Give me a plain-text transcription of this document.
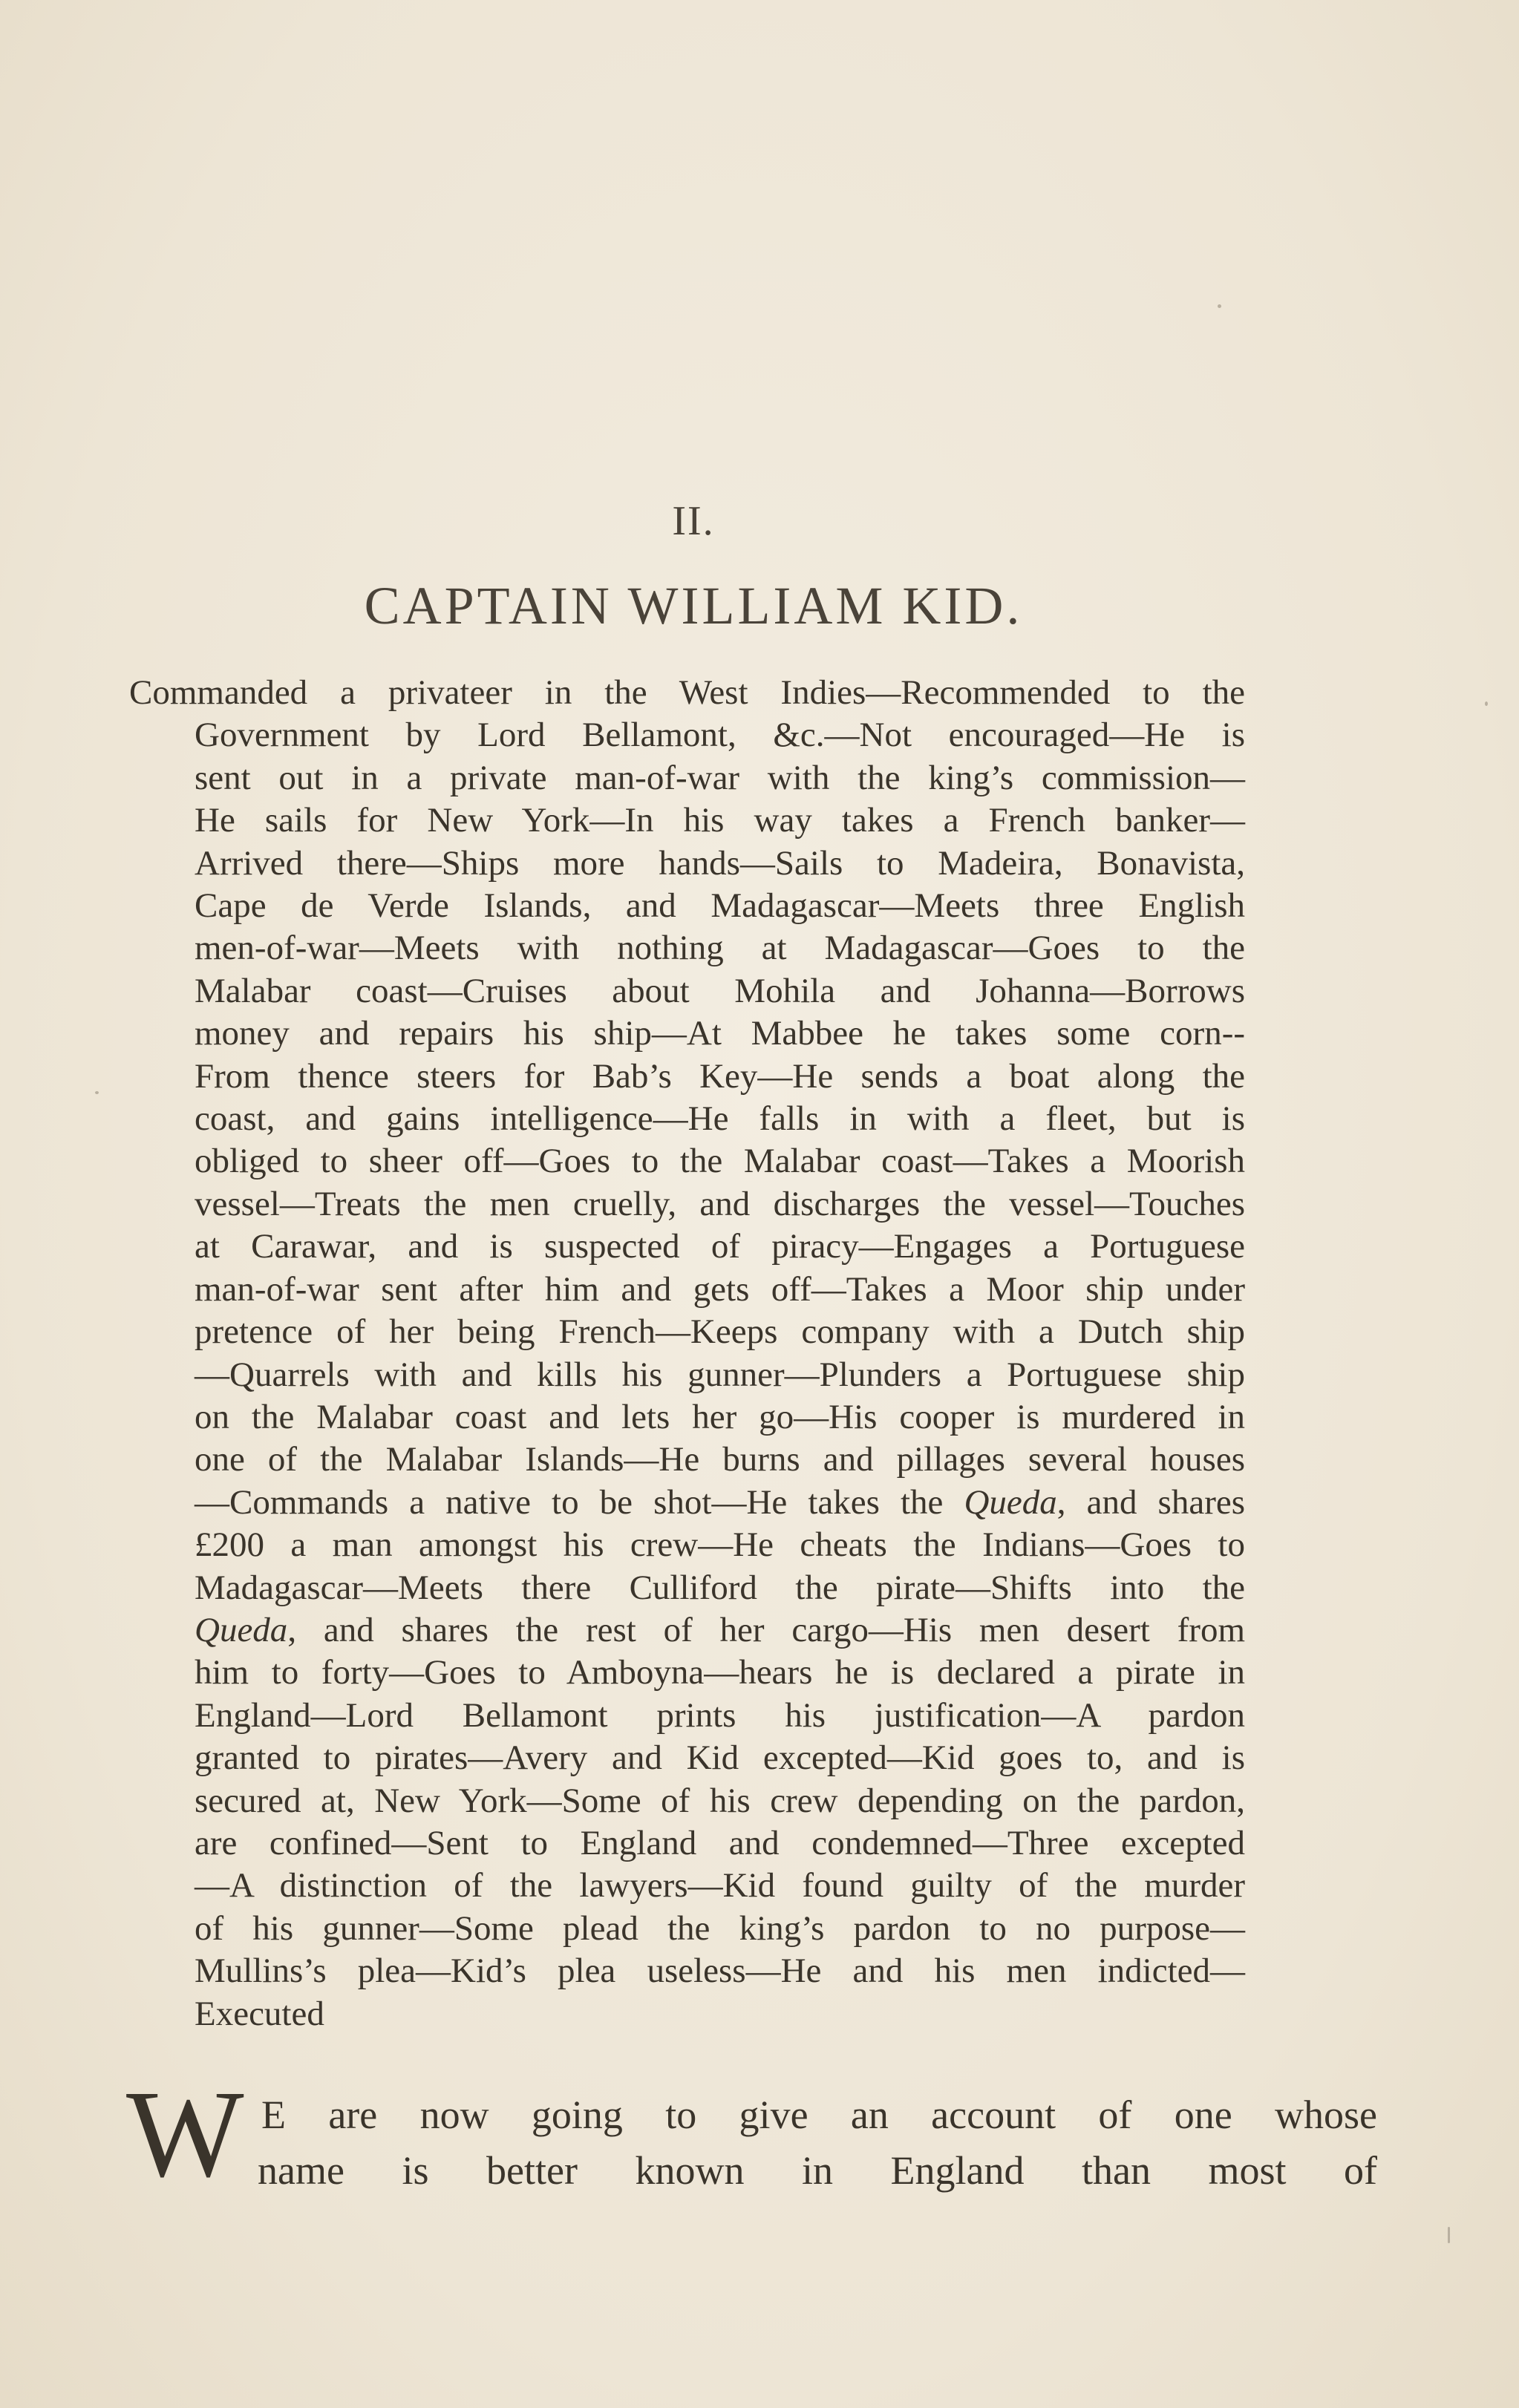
II.
CAPTAIN WILLIAM KID.
Commanded a privateer in the West Indies—Recommended to the
Government by Lord Bellamont, &c.—Not encouraged—He is
sent out in a private man-of-war with the king’s commission—
He sails for New York—In his way takes a French banker—
Arrived there—Ships more hands—Sails to Madeira, Bonavista,
Cape de Verde Islands, and Madagascar—Meets three English
men-of-war—Meets with nothing at Madagascar—Goes to the
Malabar coast—Cruises about Mohila and Johanna—Borrows
money and repairs his ship—At Mabbee he takes some corn--
From thence steers for Bab’s Key—He sends a boat along the
coast, and gains intelligence—He falls in with a fleet, but is
obliged to sheer off—Goes to the Malabar coast—Takes a Moorish
vessel—Treats the men cruelly, and discharges the vessel—Touches
at Carawar, and is suspected of piracy—Engages a Portuguese
man-of-war sent after him and gets off—Takes a Moor ship under
pretence of her being French—Keeps company with a Dutch ship
—Quarrels with and kills his gunner—Plunders a Portuguese ship
on the Malabar coast and lets her go—His cooper is murdered in
one of the Malabar Islands—He burns and pillages several houses
—Commands a native to be shot—He takes the Queda, and shares
£200 a man amongst his crew—He cheats the Indians—Goes to
Madagascar—Meets there Culliford the pirate—Shifts into the
Queda, and shares the rest of her cargo—His men desert from
him to forty—Goes to Amboyna—hears he is declared a pirate in
England—Lord Bellamont prints his justification—A pardon
granted to pirates—Avery and Kid excepted—Kid goes to, and is
secured at, New York—Some of his crew depending on the pardon,
are confined—Sent to England and condemned—Three excepted
—A distinction of the lawyers—Kid found guilty of the murder
of his gunner—Some plead the king’s pardon to no purpose—
Mullins’s plea—Kid’s plea useless—He and his men indicted—
Executed
W E are now going to give an account of one whose
name is better known in England than most of
